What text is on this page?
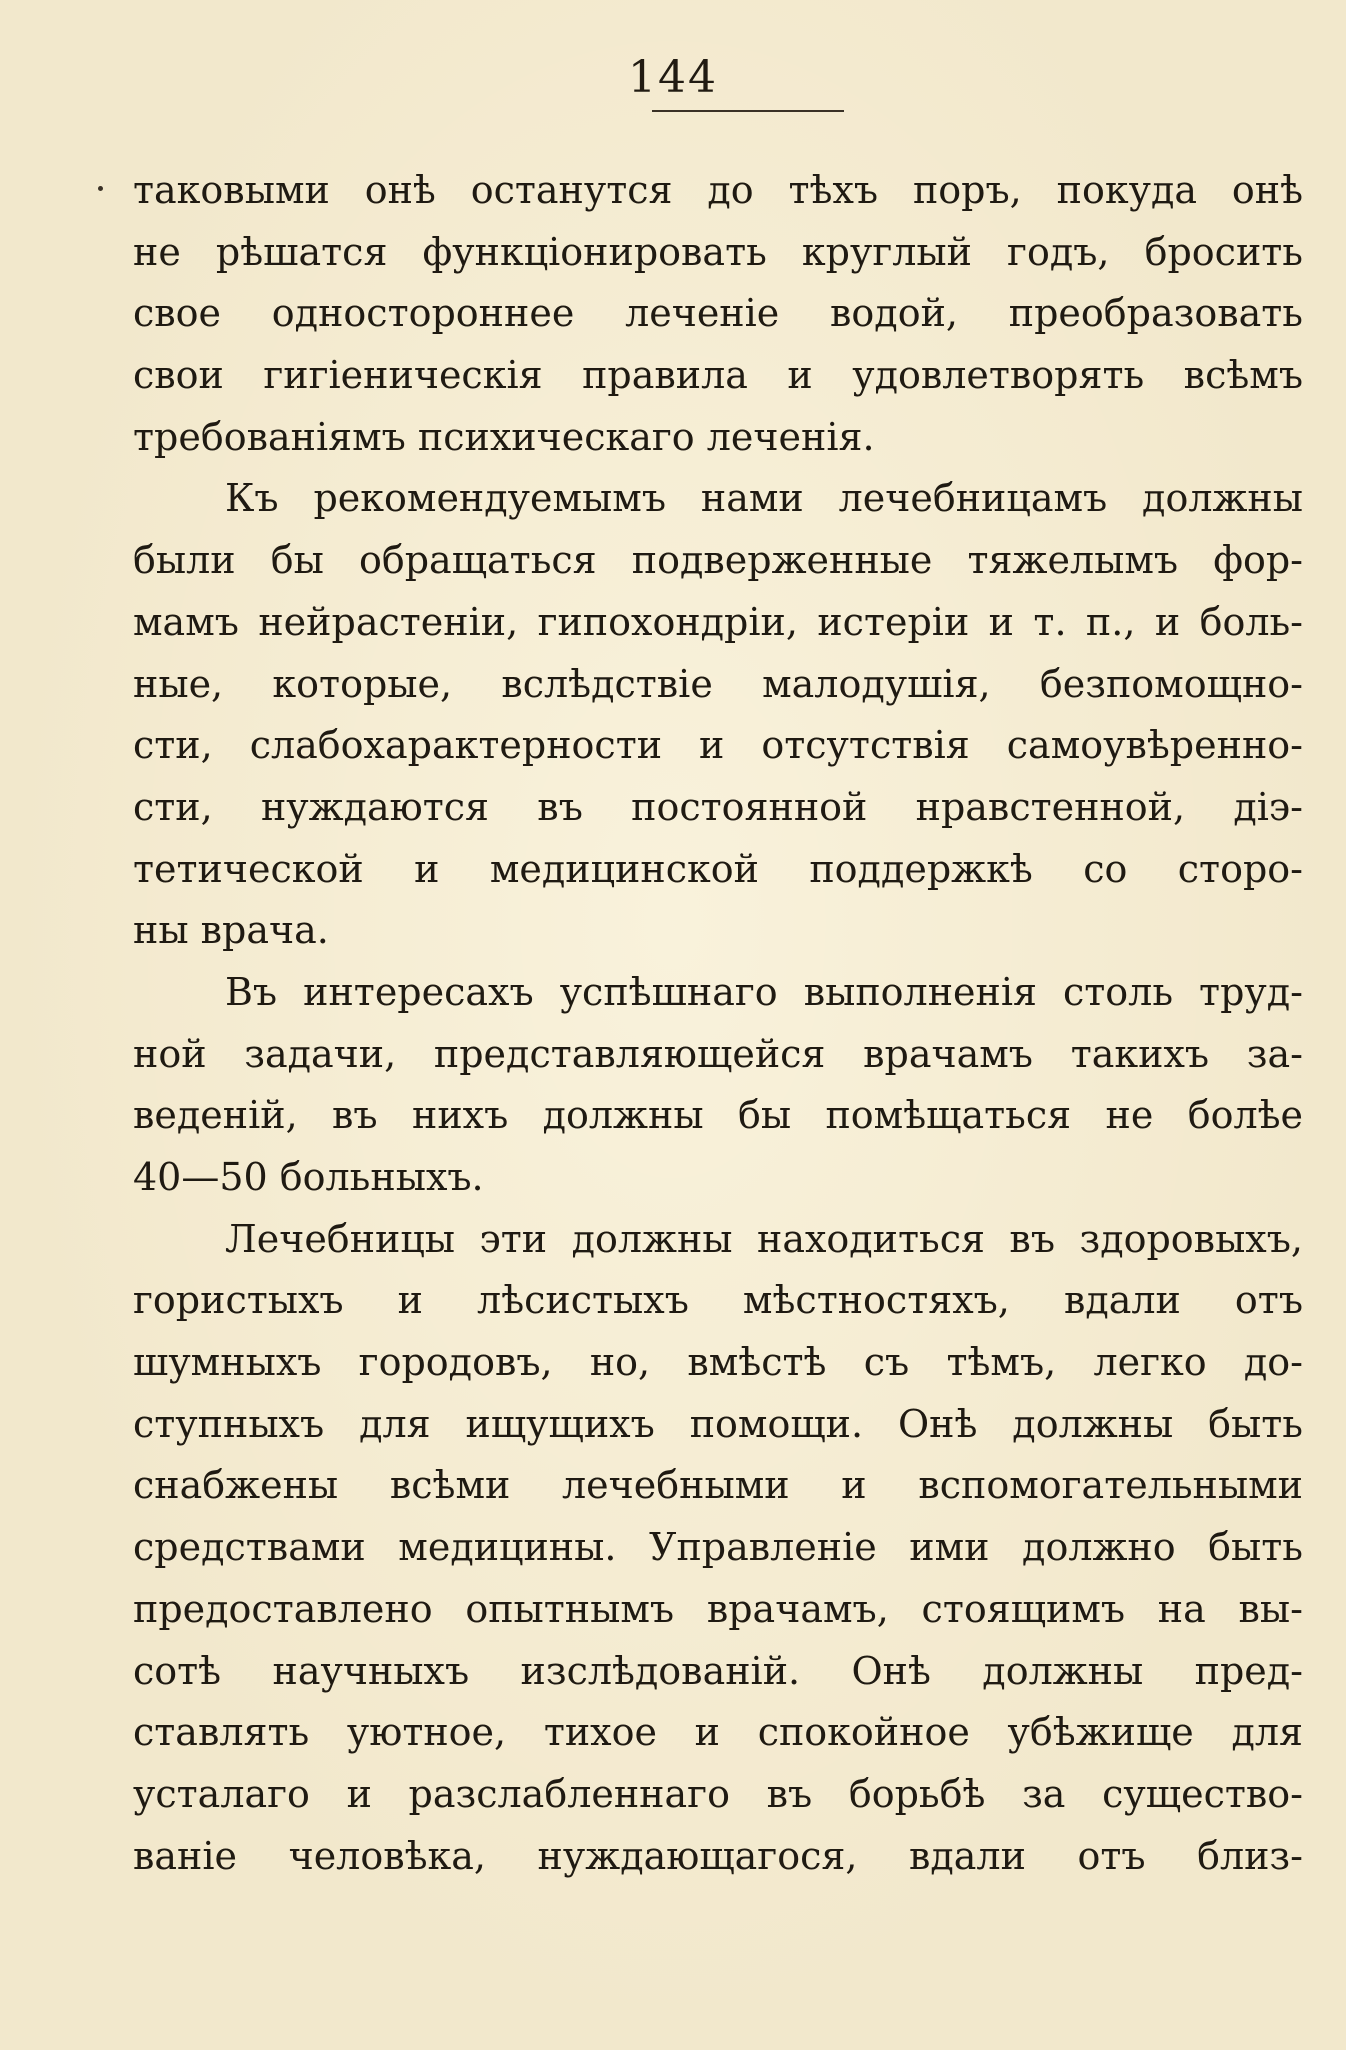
144
таковыми онѣ останутся до тѣхъ поръ, покуда онѣ
не рѣшатся функціонировать круглый годъ, бросить
свое одностороннее леченіе водой, преобразовать
свои гигіеническія правила и удовлетворять всѣмъ
требованіямъ психическаго леченія.
Къ рекомендуемымъ нами лечебницамъ должны
были бы обращаться подверженные тяжелымъ фор-
мамъ нейрастеніи, гипохондріи, истеріи и т. п., и боль-
ные, которые, вслѣдствіе малодушія, безпомощно-
сти, слабохарактерности и отсутствія самоувѣренно-
сти, нуждаются въ постоянной нравстенной, діэ-
тетической и медицинской поддержкѣ со сторо-
ны врача.
Въ интересахъ успѣшнаго выполненія столь труд-
ной задачи, представляющейся врачамъ такихъ за-
веденій, въ нихъ должны бы помѣщаться не болѣе
40—50 больныхъ.
Лечебницы эти должны находиться въ здоровыхъ,
гористыхъ и лѣсистыхъ мѣстностяхъ, вдали отъ
шумныхъ городовъ, но, вмѣстѣ съ тѣмъ, легко до-
ступныхъ для ищущихъ помощи. Онѣ должны быть
снабжены всѣми лечебными и вспомогательными
средствами медицины. Управленіе ими должно быть
предоставлено опытнымъ врачамъ, стоящимъ на вы-
сотѣ научныхъ изслѣдованій. Онѣ должны пред-
ставлять уютное, тихое и спокойное убѣжище для
усталаго и разслабленнаго въ борьбѣ за существо-
ваніе человѣка, нуждающагося, вдали отъ близ-
